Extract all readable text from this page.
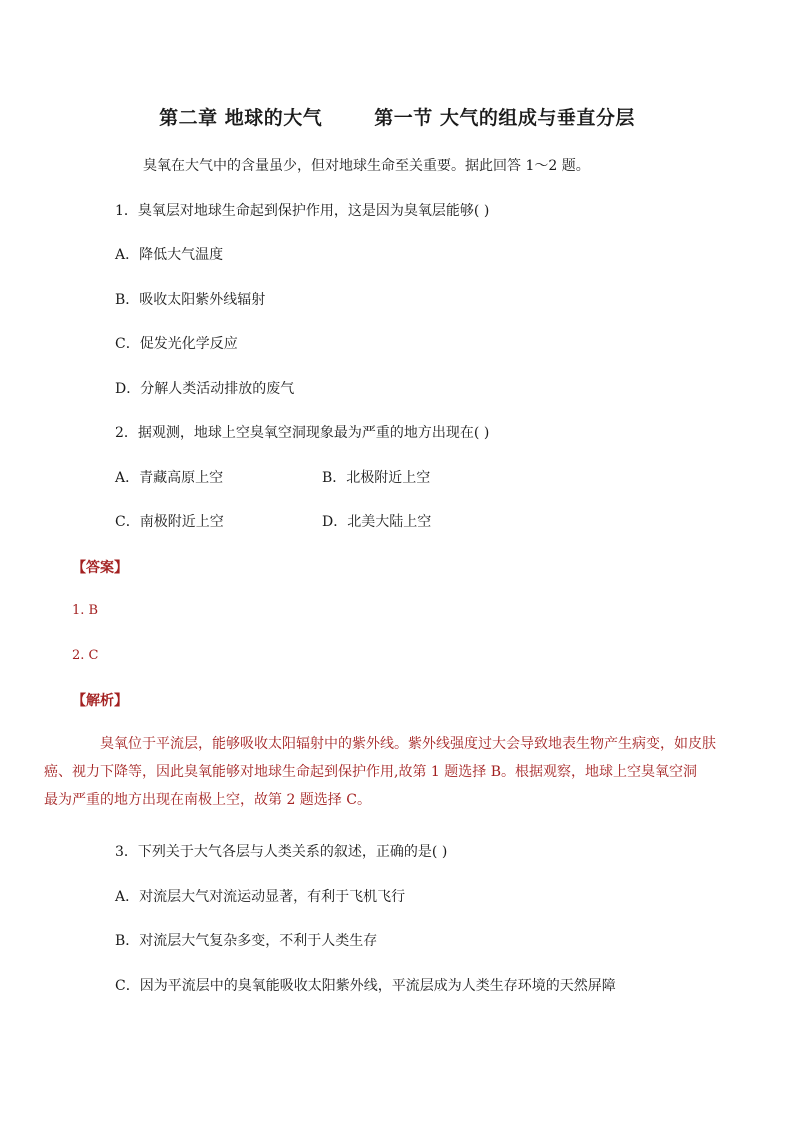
第二章 地球的大气	第一节 大气的组成与垂直分层
臭氧在大气中的含量虽少，但对地球生命至关重要。据此回答 1～2 题。
1．臭氧层对地球生命起到保护作用，这是因为臭氧层能够( )
A．降低大气温度
B．吸收太阳紫外线辐射
C．促发光化学反应
D．分解人类活动排放的废气
2．据观测，地球上空臭氧空洞现象最为严重的地方出现在( )
A．青藏高原上空	B．北极附近上空
C．南极附近上空	D．北美大陆上空
【答案】
1. B
2. C
【解析】

臭氧位于平流层，能够吸收太阳辐射中的紫外线。紫外线强度过大会导致地表生物产生病变，如皮肤

癌、视力下降等，因此臭氧能够对地球生命起到保护作用,故第 1 题选择 B。根据观察，地球上空臭氧空洞

最为严重的地方出现在南极上空，故第 2 题选择 C。

3．下列关于大气各层与人类关系的叙述，正确的是( )
A．对流层大气对流运动显著，有利于飞机飞行
B．对流层大气复杂多变，不利于人类生存
C．因为平流层中的臭氧能吸收太阳紫外线，平流层成为人类生存环境的天然屏障
